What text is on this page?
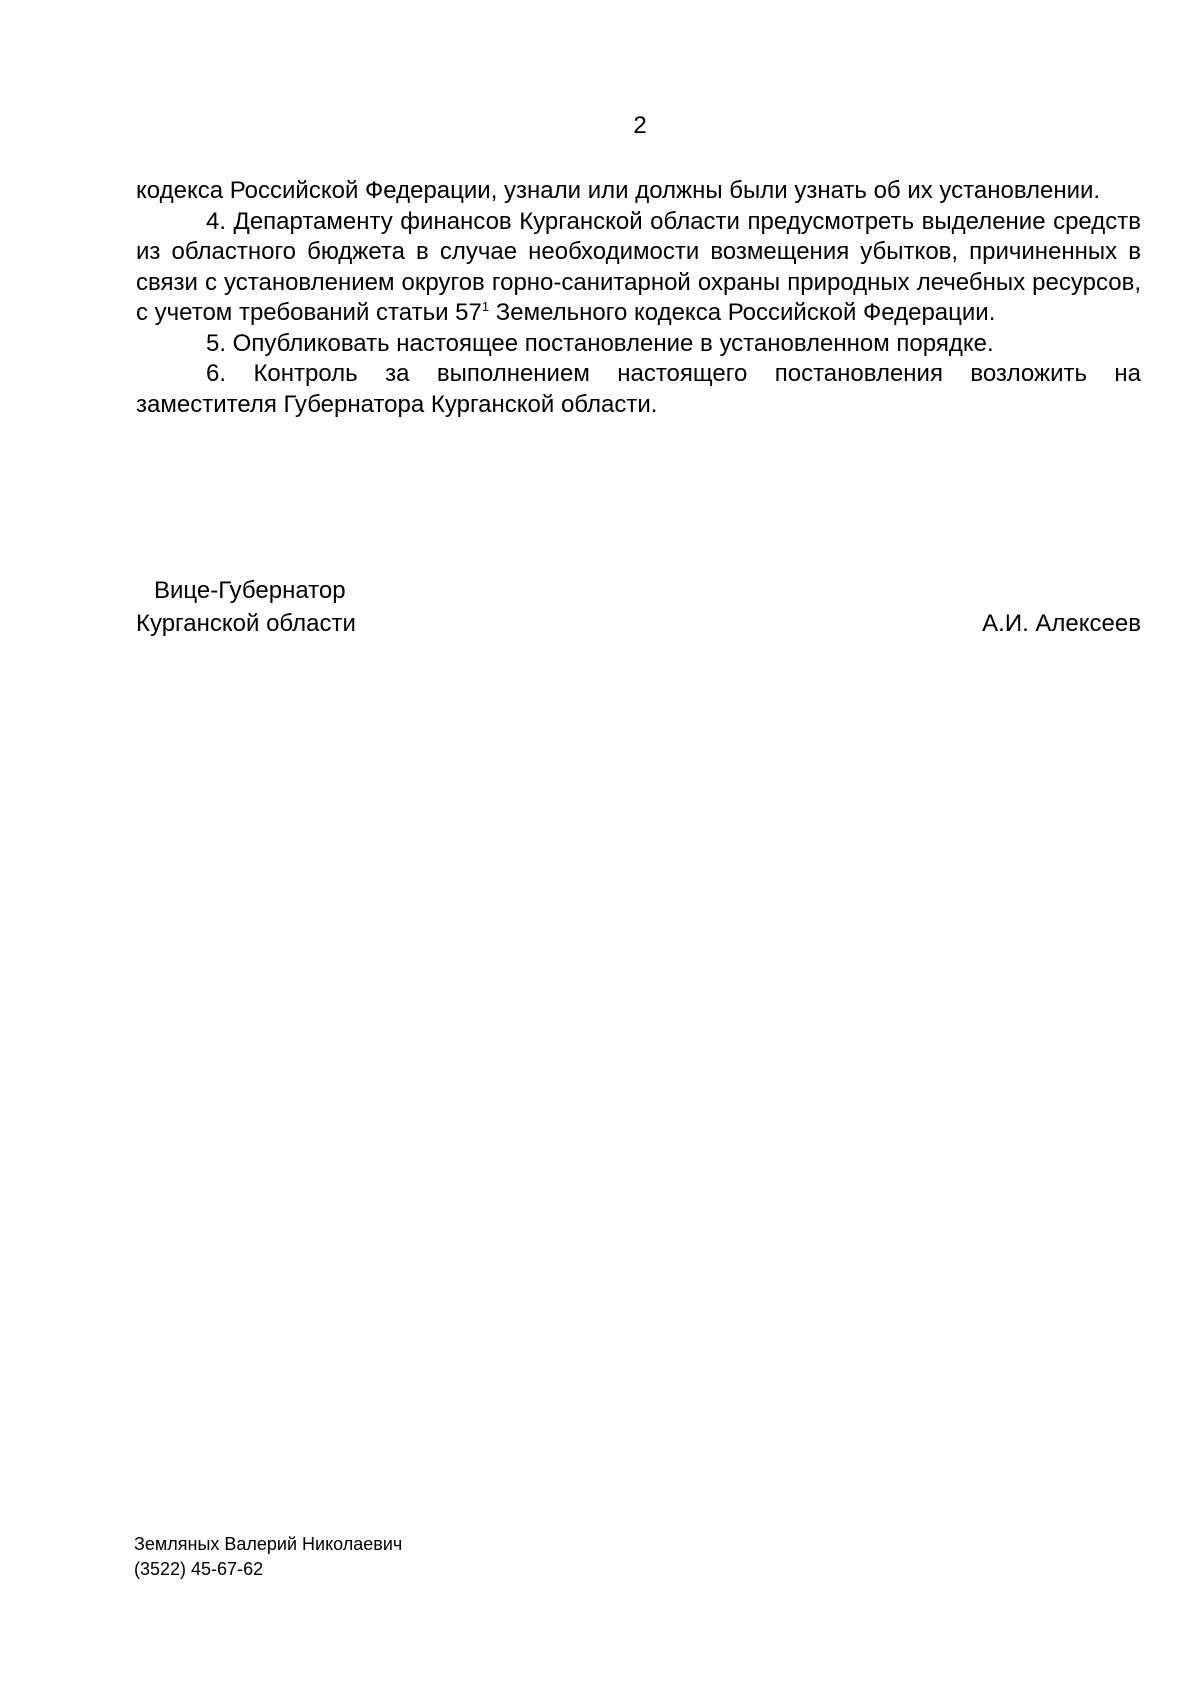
2

кодекса Российской Федерации, узнали или должны были узнать об их установлении.

4. Департаменту финансов Курганской области предусмотреть выделение средств из областного бюджета в случае необходимости возмещения убытков, причиненных в связи с установлением округов горно-санитарной охраны природных лечебных ресурсов, с учетом требований статьи $57^1$ Земельного кодекса Российской Федерации.

5. Опубликовать настоящее постановление в установленном порядке.

6. Контроль за выполнением настоящего постановления возложить на заместителя Губернатора Курганской области.

Вице-Губернатор
Курганской области	А.И. Алексеев
Земляных Валерий Николаевич
(3522) 45-67-62
